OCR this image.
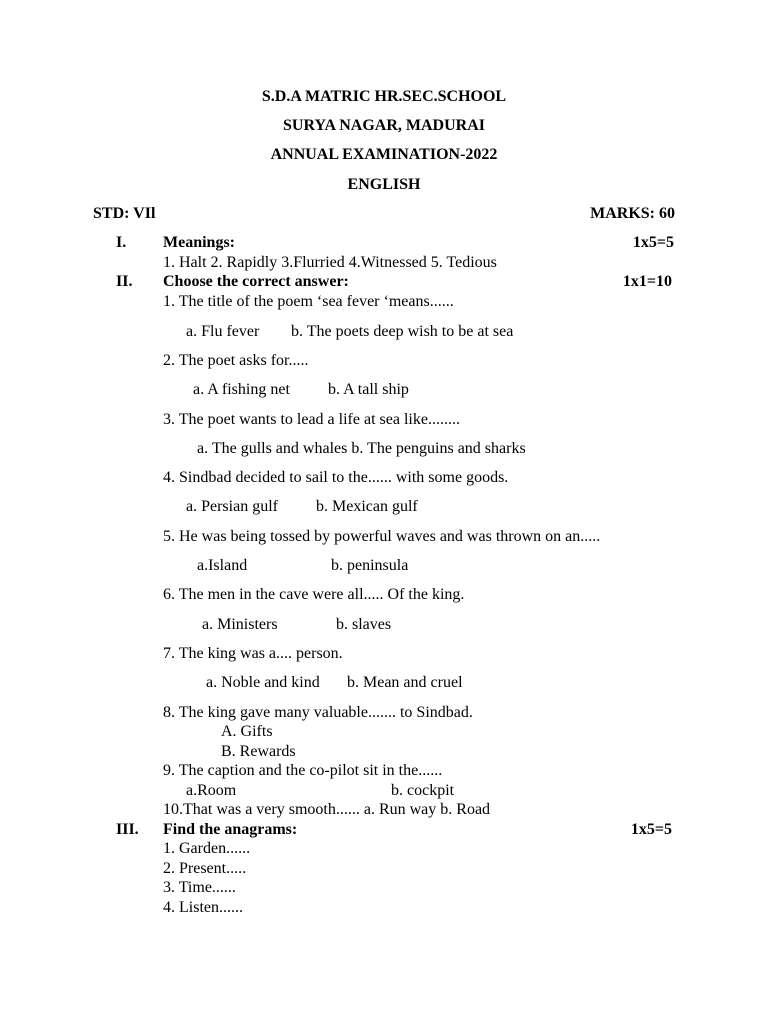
S.D.A MATRIC HR.SEC.SCHOOL
SURYA NAGAR, MADURAI
ANNUAL EXAMINATION-2022
ENGLISH
STD: VIl	MARKS: 60
I. Meanings:	1x5=5
1. Halt 2. Rapidly 3.Flurried 4.Witnessed 5. Tedious
II. Choose the correct answer:	1x1=10
1. The title of the poem ‘sea fever ‘means......
a. Flu fever b. The poets deep wish to be at sea
2. The poet asks for.....
a. A fishing net b. A tall ship
3. The poet wants to lead a life at sea like........
a. The gulls and whales b. The penguins and sharks
4. Sindbad decided to sail to the...... with some goods.
a. Persian gulf b. Mexican gulf
5. He was being tossed by powerful waves and was thrown on an.....
a.Island	b. peninsula
6. The men in the cave were all..... Of the king.
a. Ministers	b. slaves
7. The king was a.... person.
a. Noble and kind b. Mean and cruel
8. The king gave many valuable....... to Sindbad.
A. Gifts
B. Rewards
9. The caption and the co-pilot sit in the......
a.Room	b. cockpit
10.That was a very smooth...... a. Run way b. Road
III. Find the anagrams:	1x5=5
1. Garden......
2. Present.....
3. Time......
4. Listen......
